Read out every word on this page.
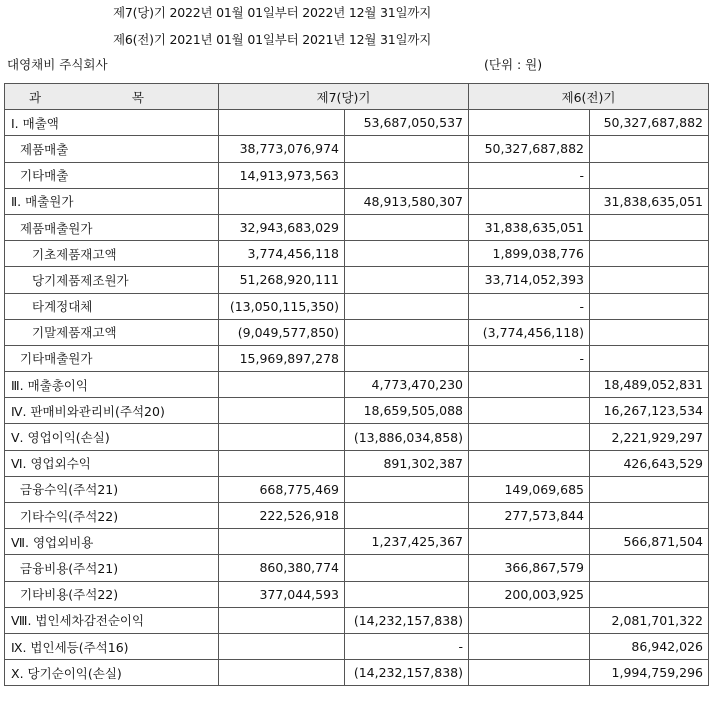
제7(당)기 2022년 01월 01일부터 2022년 12월 31일까지
제6(전)기 2021년 01월 01일부터 2021년 12월 31일까지
대영채비 주식회사	(단위 : 원)
과 목	제7(당)기		제6(전)기	
Ⅰ. 매출액		53,687,050,537		50,327,687,882
제품매출	38,773,076,974		50,327,687,882	
기타매출	14,913,973,563		-	
Ⅱ. 매출원가		48,913,580,307		31,838,635,051
제품매출원가	32,943,683,029		31,838,635,051	
기초제품재고액	3,774,456,118		1,899,038,776	
당기제품제조원가	51,268,920,111		33,714,052,393	
타계정대체	(13,050,115,350)		-	
기말제품재고액	(9,049,577,850)		(3,774,456,118)	
기타매출원가	15,969,897,278		-	
Ⅲ. 매출총이익		4,773,470,230		18,489,052,831
Ⅳ. 판매비와관리비(주석20)		18,659,505,088		16,267,123,534
Ⅴ. 영업이익(손실)		(13,886,034,858)		2,221,929,297
Ⅵ. 영업외수익		891,302,387		426,643,529
금융수익(주석21)	668,775,469		149,069,685	
기타수익(주석22)	222,526,918		277,573,844	
Ⅶ. 영업외비용		1,237,425,367		566,871,504
금융비용(주석21)	860,380,774		366,867,579	
기타비용(주석22)	377,044,593		200,003,925	
Ⅷ. 법인세차감전순이익		(14,232,157,838)		2,081,701,322
Ⅸ. 법인세등(주석16)		-		86,942,026
Ⅹ. 당기순이익(손실)		(14,232,157,838)		1,994,759,296
